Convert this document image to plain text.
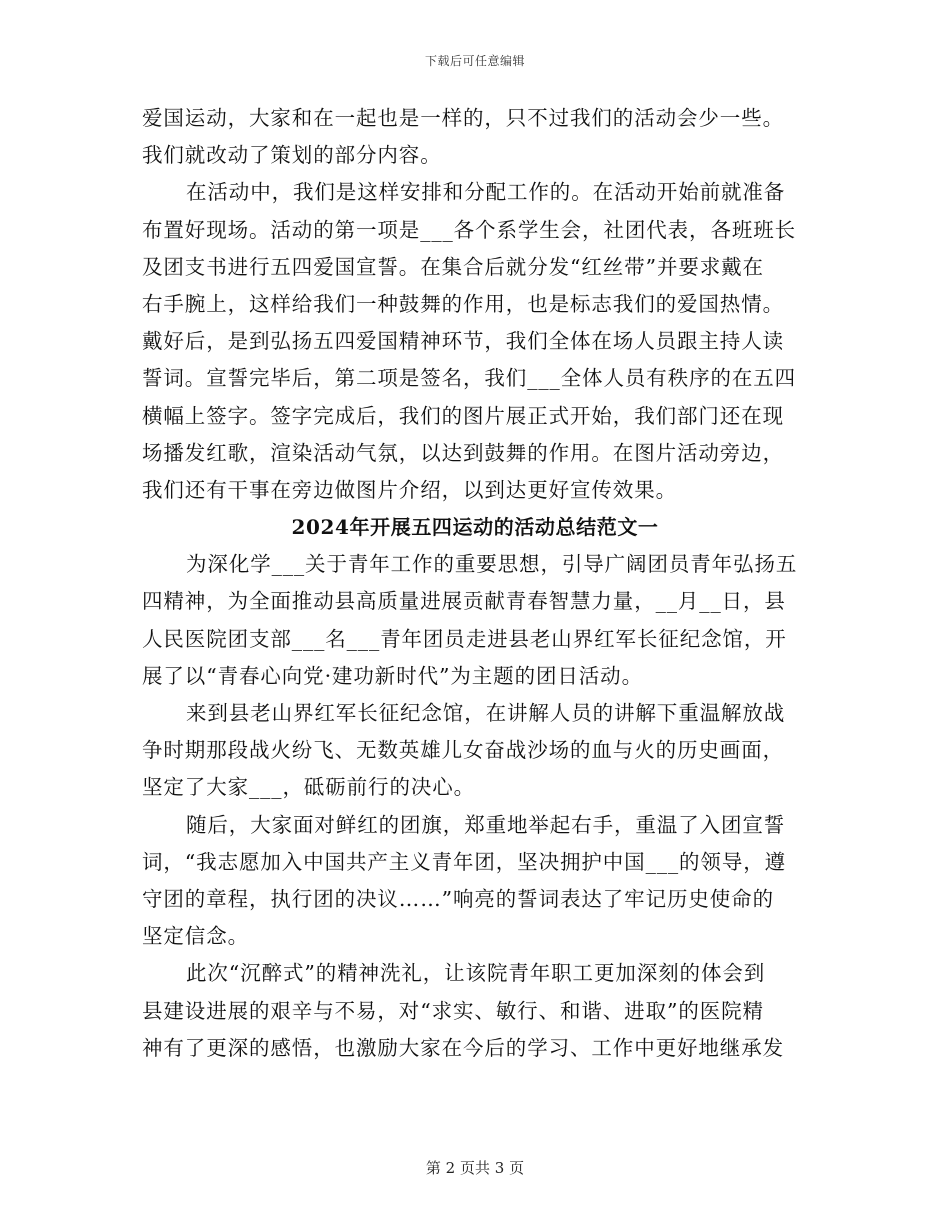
下载后可任意编辑
爱国运动，大家和在一起也是一样的，只不过我们的活动会少一些。
我们就改动了策划的部分内容。
在活动中，我们是这样安排和分配工作的。在活动开始前就准备
布置好现场。活动的第一项是___各个系学生会，社团代表，各班班长
及团支书进行五四爱国宣誓。在集合后就分发“红丝带”并要求戴在
右手腕上，这样给我们一种鼓舞的作用，也是标志我们的爱国热情。
戴好后，是到弘扬五四爱国精神环节，我们全体在场人员跟主持人读
誓词。宣誓完毕后，第二项是签名，我们___全体人员有秩序的在五四
横幅上签字。签字完成后，我们的图片展正式开始，我们部门还在现
场播发红歌，渲染活动气氛，以达到鼓舞的作用。在图片活动旁边，
我们还有干事在旁边做图片介绍，以到达更好宣传效果。
2024年开展五四运动的活动总结范文一
为深化学___关于青年工作的重要思想，引导广阔团员青年弘扬五
四精神，为全面推动县高质量进展贡献青春智慧力量，__月__日，县
人民医院团支部___名___青年团员走进县老山界红军长征纪念馆，开
展了以“青春心向党·建功新时代”为主题的团日活动。
来到县老山界红军长征纪念馆，在讲解人员的讲解下重温解放战
争时期那段战火纷飞、无数英雄儿女奋战沙场的血与火的历史画面，
坚定了大家___，砥砺前行的决心。
随后，大家面对鲜红的团旗，郑重地举起右手，重温了入团宣誓
词，“我志愿加入中国共产主义青年团，坚决拥护中国___的领导，遵
守团的章程，执行团的决议……”响亮的誓词表达了牢记历史使命的
坚定信念。
此次“沉醉式”的精神洗礼，让该院青年职工更加深刻的体会到
县建设进展的艰辛与不易，对“求实、敏行、和谐、进取”的医院精
神有了更深的感悟，也激励大家在今后的学习、工作中更好地继承发
第 2 页共 3 页
